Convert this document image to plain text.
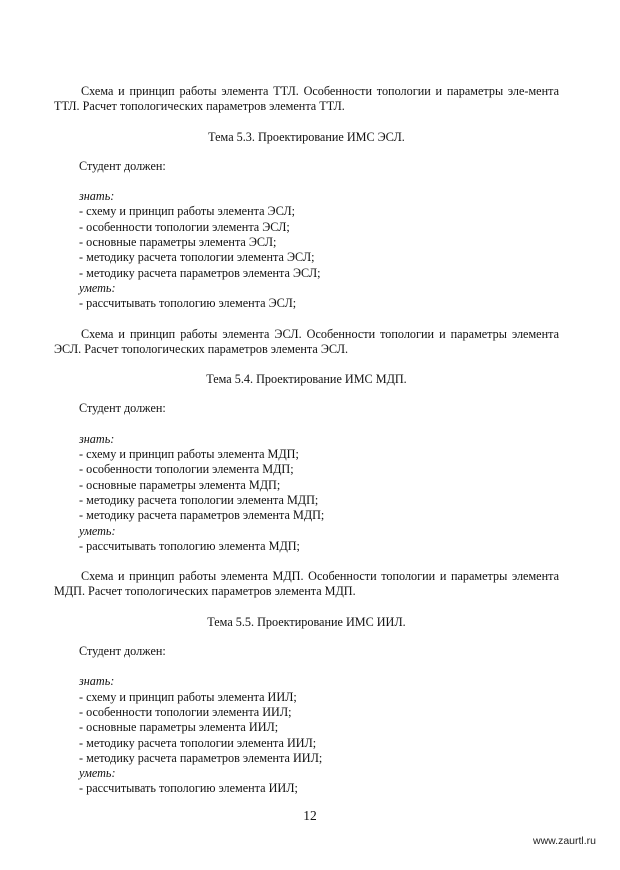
Схема и принцип работы элемента ТТЛ. Особенности топологии и параметры эле-мента ТТЛ. Расчет топологических параметров элемента ТТЛ.

Тема 5.3. Проектирование ИМС ЭСЛ.

Студент должен:

знать:

- схему и принцип работы элемента ЭСЛ;

- особенности топологии элемента ЭСЛ;

- основные параметры элемента ЭСЛ;

- методику расчета топологии элемента ЭСЛ;

- методику расчета параметров элемента ЭСЛ;

уметь:

- рассчитывать топологию элемента ЭСЛ;

Схема и принцип работы элемента ЭСЛ. Особенности топологии и параметры элемента ЭСЛ. Расчет топологических параметров элемента ЭСЛ.

Тема 5.4. Проектирование ИМС МДП.

Студент должен:

знать:

- схему и принцип работы элемента МДП;

- особенности топологии элемента МДП;

- основные параметры элемента МДП;

- методику расчета топологии элемента МДП;

- методику расчета параметров элемента МДП;

уметь:

- рассчитывать топологию элемента МДП;

Схема и принцип работы элемента МДП. Особенности топологии и параметры элемента МДП. Расчет топологических параметров элемента МДП.

Тема 5.5. Проектирование ИМС ИИЛ.

Студент должен:

знать:

- схему и принцип работы элемента ИИЛ;

- особенности топологии элемента ИИЛ;

- основные параметры элемента ИИЛ;

- методику расчета топологии элемента ИИЛ;

- методику расчета параметров элемента ИИЛ;

уметь:

- рассчитывать топологию элемента ИИЛ;

12
www.zaurtl.ru
